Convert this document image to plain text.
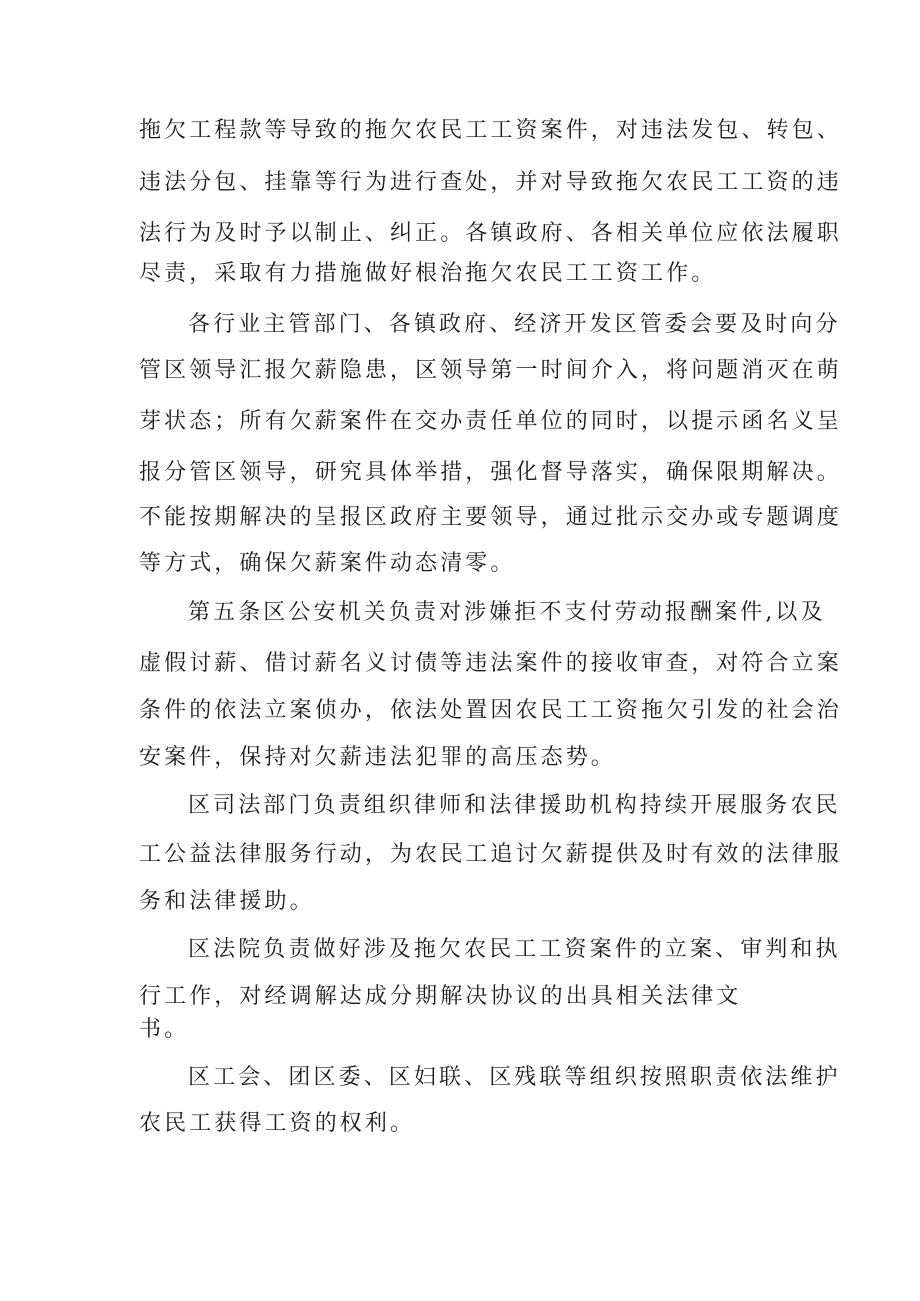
拖欠工程款等导致的拖欠农民工工资案件，对违法发包、转包、
违法分包、挂靠等行为进行查处，并对导致拖欠农民工工资的违
法行为及时予以制止、纠正。各镇政府、各相关单位应依法履职
尽责，采取有力措施做好根治拖欠农民工工资工作。
各行业主管部门、各镇政府、经济开发区管委会要及时向分
管区领导汇报欠薪隐患，区领导第一时间介入，将问题消灭在萌
芽状态；所有欠薪案件在交办责任单位的同时，以提示函名义呈
报分管区领导，研究具体举措，强化督导落实，确保限期解决。
不能按期解决的呈报区政府主要领导，通过批示交办或专题调度
等方式，确保欠薪案件动态清零。
第五条区公安机关负责对涉嫌拒不支付劳动报酬案件,以及
虚假讨薪、借讨薪名义讨债等违法案件的接收审查，对符合立案
条件的依法立案侦办，依法处置因农民工工资拖欠引发的社会治
安案件，保持对欠薪违法犯罪的高压态势。
区司法部门负责组织律师和法律援助机构持续开展服务农民
工公益法律服务行动，为农民工追讨欠薪提供及时有效的法律服
务和法律援助。
区法院负责做好涉及拖欠农民工工资案件的立案、审判和执
行工作，对经调解达成分期解决协议的出具相关法律文
书。
区工会、团区委、区妇联、区残联等组织按照职责依法维护
农民工获得工资的权利。
